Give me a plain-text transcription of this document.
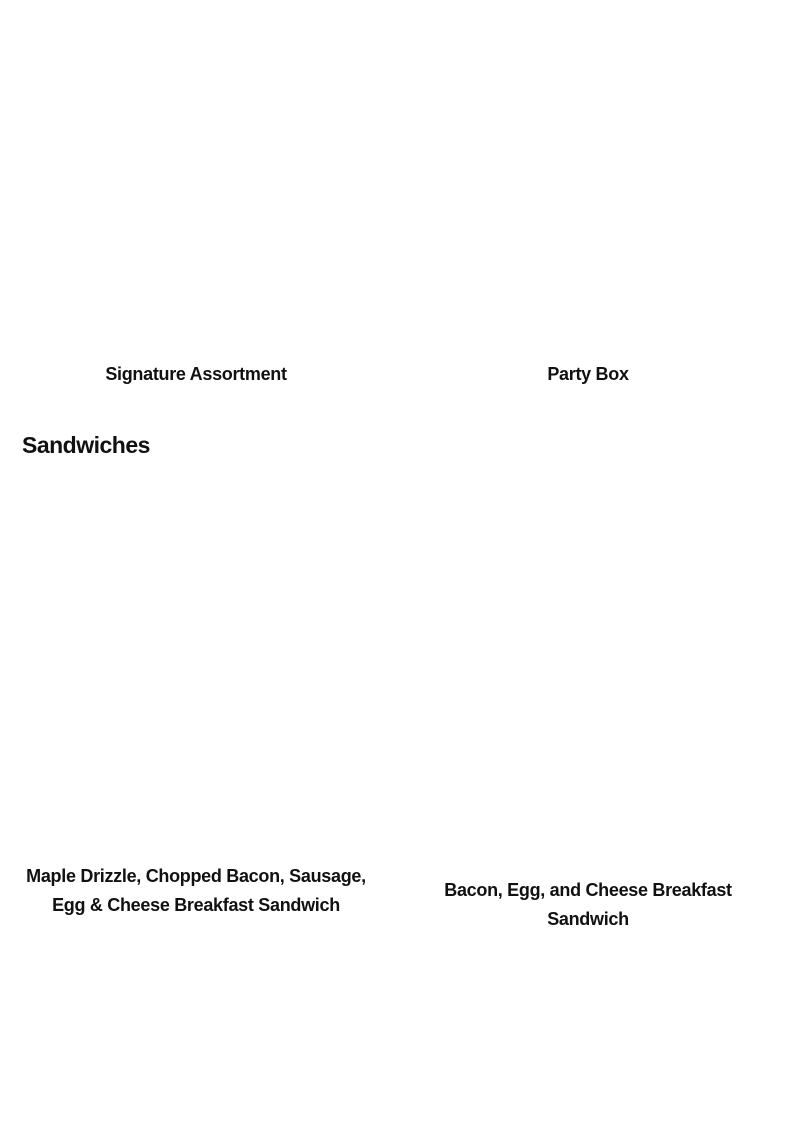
Signature Assortment	Party Box
Sandwiches
Maple Drizzle, Chopped Bacon, Sausage, Egg & Cheese Breakfast Sandwich
Bacon, Egg, and Cheese Breakfast Sandwich
